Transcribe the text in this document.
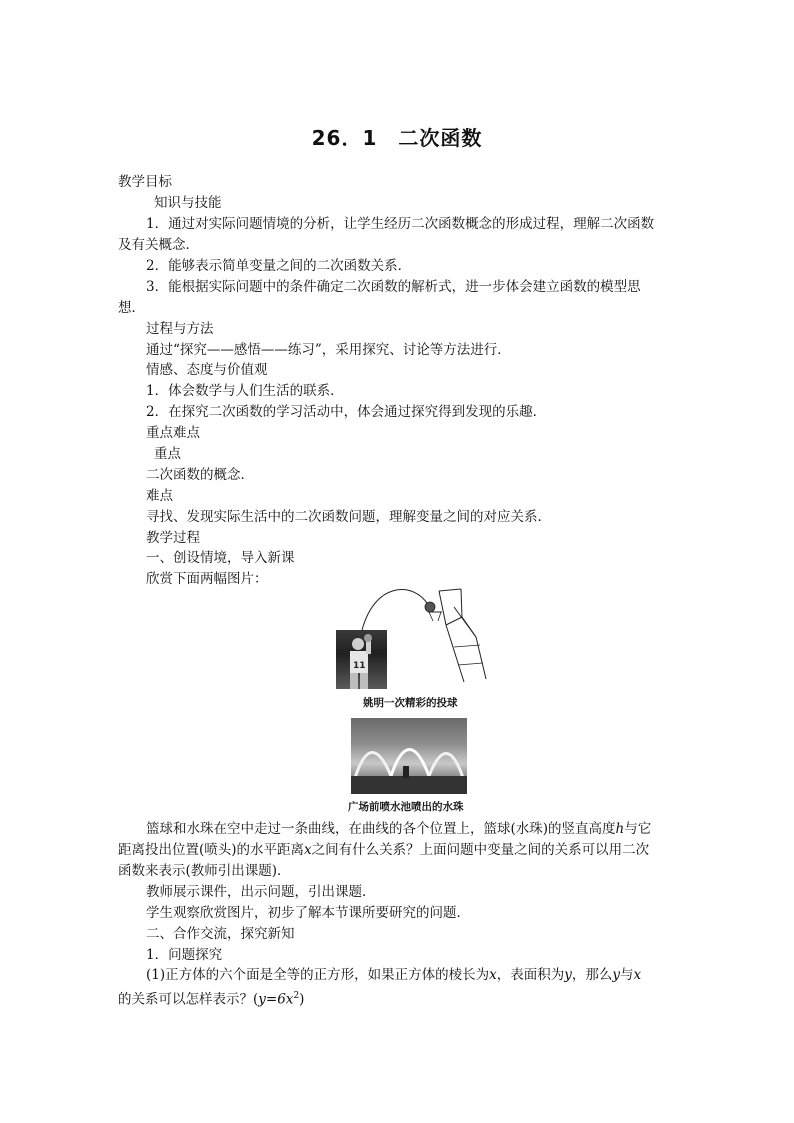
26．1　二次函数
教学目标
知识与技能
1．通过对实际问题情境的分析，让学生经历二次函数概念的形成过程，理解二次函数
及有关概念．
2．能够表示简单变量之间的二次函数关系．
3．能根据实际问题中的条件确定二次函数的解析式，进一步体会建立函数的模型思
想．
过程与方法
通过“探究——感悟——练习”，采用探究、讨论等方法进行．
情感、态度与价值观
1．体会数学与人们生活的联系．
2．在探究二次函数的学习活动中，体会通过探究得到发现的乐趣．
重点难点
重点
二次函数的概念．
难点
寻找、发现实际生活中的二次函数问题，理解变量之间的对应关系．
教学过程
一、创设情境，导入新课
欣赏下面两幅图片：
11
姚明一次精彩的投球
广场前喷水池喷出的水珠
篮球和水珠在空中走过一条曲线，在曲线的各个位置上，篮球(水珠)的竖直高度h与它
距离投出位置(喷头)的水平距离x之间有什么关系？上面问题中变量之间的关系可以用二次
函数来表示(教师引出课题)．
教师展示课件，出示问题，引出课题．
学生观察欣赏图片，初步了解本节课所要研究的问题．
二、合作交流，探究新知
1．问题探究
(1)正方体的六个面是全等的正方形，如果正方体的棱长为x，表面积为y，那么y与x
的关系可以怎样表示？$(y=6x^2)$
